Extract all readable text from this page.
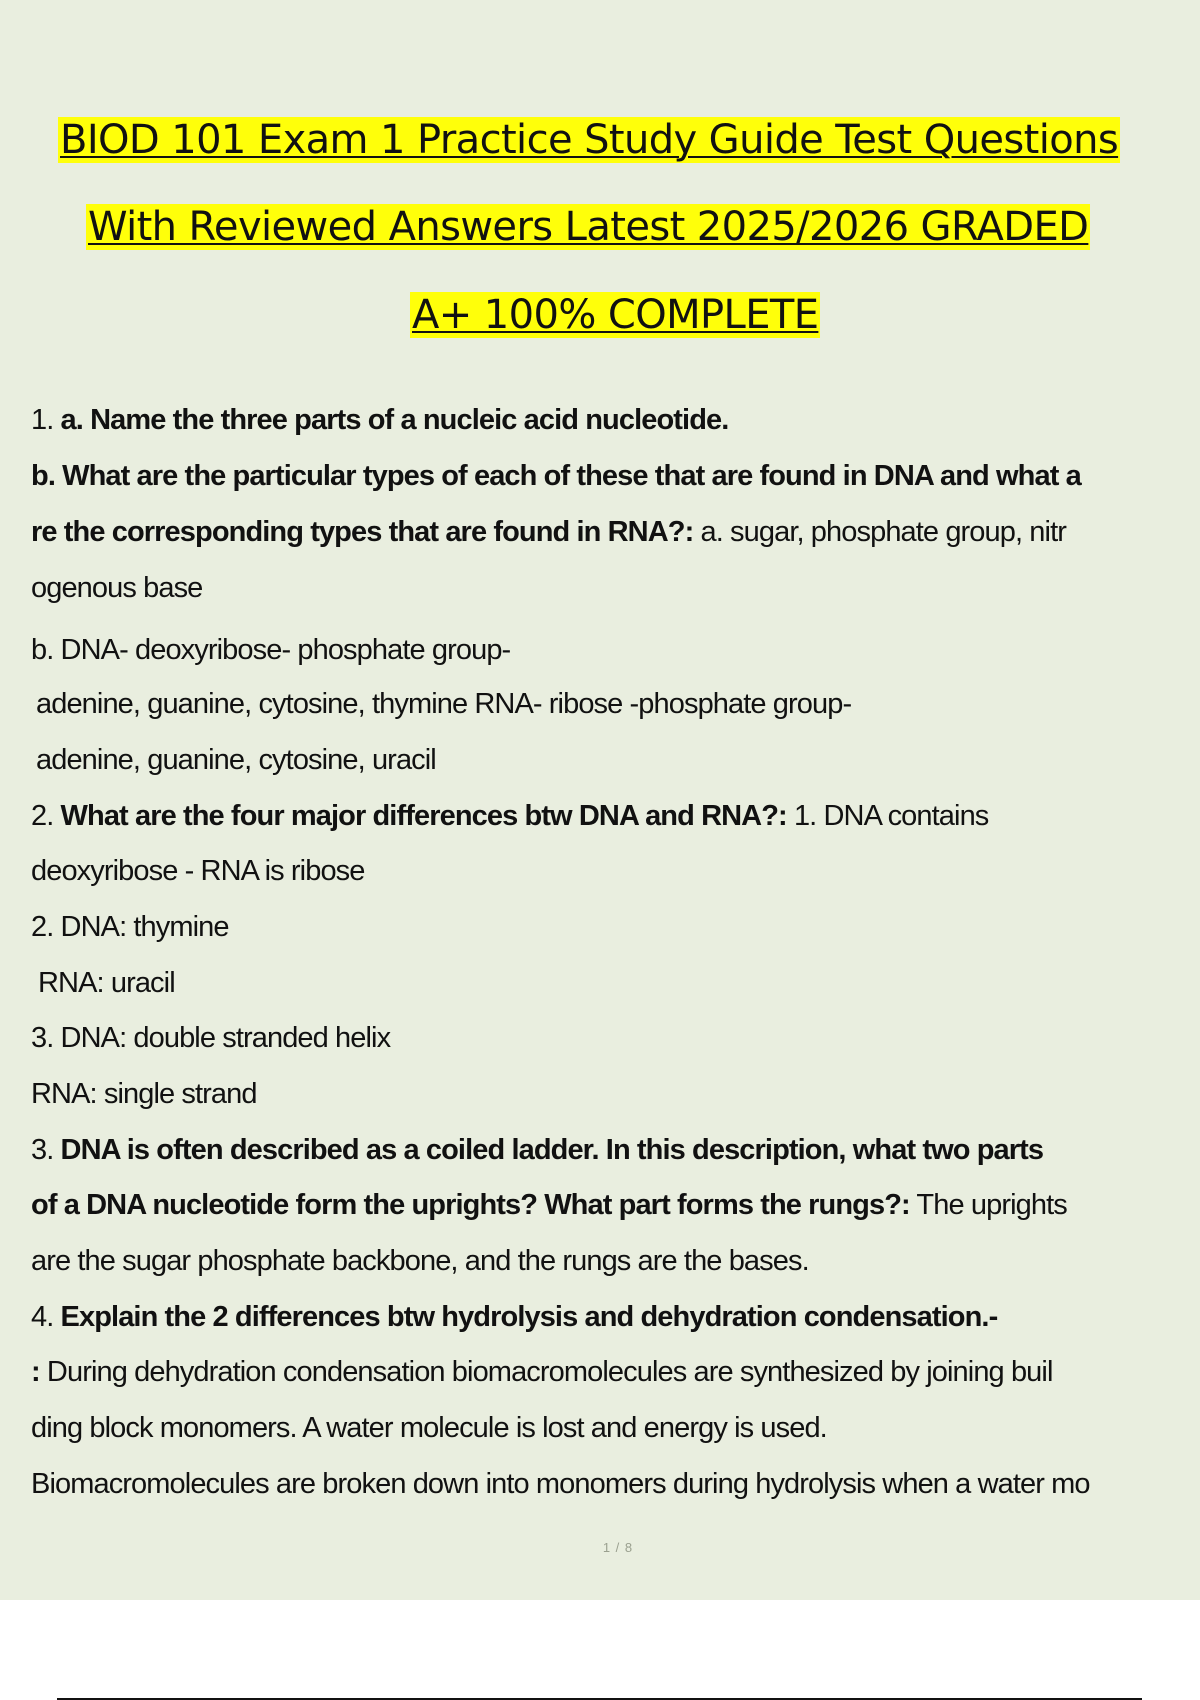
BIOD 101 Exam 1 Practice Study Guide Test Questions
With Reviewed Answers Latest 2025/2026 GRADED
A+ 100% COMPLETE
1. a. Name the three parts of a nucleic acid nucleotide.
b. What are the particular types of each of these that are found in DNA and what a
re the corresponding types that are found in RNA?: a. sugar, phosphate group, nitr
ogenous base
b. DNA- deoxyribose- phosphate group-
adenine, guanine, cytosine, thymine RNA- ribose -phosphate group-
adenine, guanine, cytosine, uracil
2. What are the four major differences btw DNA and RNA?: 1. DNA contains
deoxyribose - RNA is ribose
2. DNA: thymine
RNA: uracil
3. DNA: double stranded helix
RNA: single strand
3. DNA is often described as a coiled ladder. In this description, what two parts
of a DNA nucleotide form the uprights? What part forms the rungs?: The uprights
are the sugar phosphate backbone, and the rungs are the bases.
4. Explain the 2 differences btw hydrolysis and dehydration condensation.-
: During dehydration condensation biomacromolecules are synthesized by joining buil
ding block monomers. A water molecule is lost and energy is used.
Biomacromolecules are broken down into monomers during hydrolysis when a water mo
1 / 8
